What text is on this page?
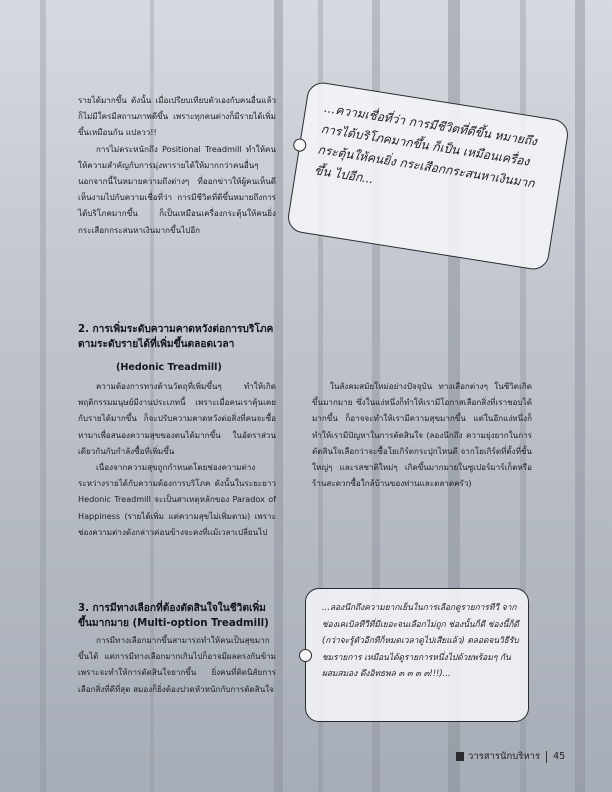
รายได้มากขึ้น ดังนั้น เมื่อเปรียบเทียบตัวเองกับคนอื่นแล้วก็ไม่มีใครมีสถานภาพดีขึ้น เพราะทุกคนต่างก็มีรายได้เพิ่มขึ้นเหมือนกัน แปลวว!!

การไม่ตระหนักถึง Positional Treadmill ทำให้คนให้ความสำคัญกับการมุ่งหารายได้ให้มากกว่าคนอื่นๆ นอกจากนี้ในหมายความถึงต่างๆ ที่ออกข่าวให้ผู้คนเห็นดีเห็นงามไปกับความเชื่อที่ว่า การมีชีวิตที่ดีขึ้นหมายถึงการได้บริโภคมากขึ้น ก็เป็นเหมือนเครื่องกระตุ้นให้คนยิ่งกระเสือกกระสนหาเงินมากขึ้นไปอีก

...ความเชื่อที่ว่า การมีชีวิตที่ดีขึ้น หมายถึงการได้บริโภคมากขึ้น ก็เป็น เหมือนเครื่องกระตุ้นให้คนยิ่ง กระเสือกกระสนหาเงินมากขึ้น ไปอีก...
2. การเพิ่มระดับความคาดหวังต่อการบริโภค
ตามระดับรายได้ที่เพิ่มขึ้นตลอดเวลา
(Hedonic Treadmill)

ความต้องการทางด้านวัตถุที่เพิ่มขึ้นๆ ทำให้เกิดพฤติกรรมมนุษย์มีงานประเภทนี้ เพราะเมื่อคนเราคุ้นเคยกับรายได้มากขึ้น ก็จะปรับความคาดหวังต่อสิ่งที่คนจะซื้อหามาเพื่อสนองความสุขของตนได้มากขึ้น ในอัตราส่วนเดียวกันกับกำลังซื้อที่เพิ่มขึ้น

เนื่องจากความสุขถูกกำหนดโดยช่องความต่างระหว่างรายได้กับความต้องการบริโภค ดังนั้นในระยะยาว Hedonic Treadmill จะเป็นสาเหตุหลักของ Paradox of Happiness (รายได้เพิ่ม แต่ความสุขไม่เพิ่มตาม) เพราะช่องความต่างดังกล่าวค่อนข้างจะคงที่แม้เวลาเปลี่ยนไป

3. การมีทางเลือกที่ต้องตัดสินใจในชีวิตเพิ่ม
ขึ้นมากมาย (Multi-option Treadmill)

การมีทางเลือกมากขึ้นสามารถทำให้คนเป็นสุขมากขึ้นได้ แต่การมีทางเลือกมากเกินไปก็อาจมีผลตรงกันข้าม เพราะจะทำให้การตัดสินใจยากขึ้น ยิ่งคนที่ติดนิสัยการเลือกสิ่งที่ดีที่สุด สมองก็ยิ่งต้องปวดหัวหนักกับการตัดสินใจ

ในสังคมสมัยใหม่อย่างปัจจุบัน ทางเลือกต่างๆ ในชีวิตเกิดขึ้นมากมาย ซึ่งในแง่หนึ่งก็ทำให้เรามีโอกาสเลือกสิ่งที่เราชอบได้มากขึ้น ก็อาจจะทำให้เรามีความสุขมากขึ้น แต่ในอีกแง่หนึ่งก็ทำให้เรามีปัญหาในการตัดสินใจ (ลองนึกถึง ความยุ่งยากในการตัดสินใจเลือกว่าจะซื้อโยเกิร์ตกระปุกไหนดี จากโยเกิร์ตที่ตั้งที่ชั้นใหญ่ๆ และรสชาติใหม่ๆ เกิดขึ้นมากมายในซูเปอร์มาร์เก็ตหรือร้านสะดวกซื้อใกล้บ้านของท่านและตลาดครัว)

...ลองนึกถึงความยากเย็นในการเลือกดูรายการทีวี จากช่องเคเบิลทีวีที่มีเยอะจนเลือกไม่ถูก ช่องนั้นก็ดี ช่องนี้ก็ดี (กว่าจะรู้ตัวอีกทีก็หมดเวลาดูไปเสียแล้ว) ตลอดจนวิธีรับชมรายการ เหมือนได้ดูรายการหนึ่งไปด้วยพร้อมๆ กัน ผสมสมอง ดึงอิทธพล ๓ ๓ ๓ ๓!!!)...
วารสารนักบริหาร 45
